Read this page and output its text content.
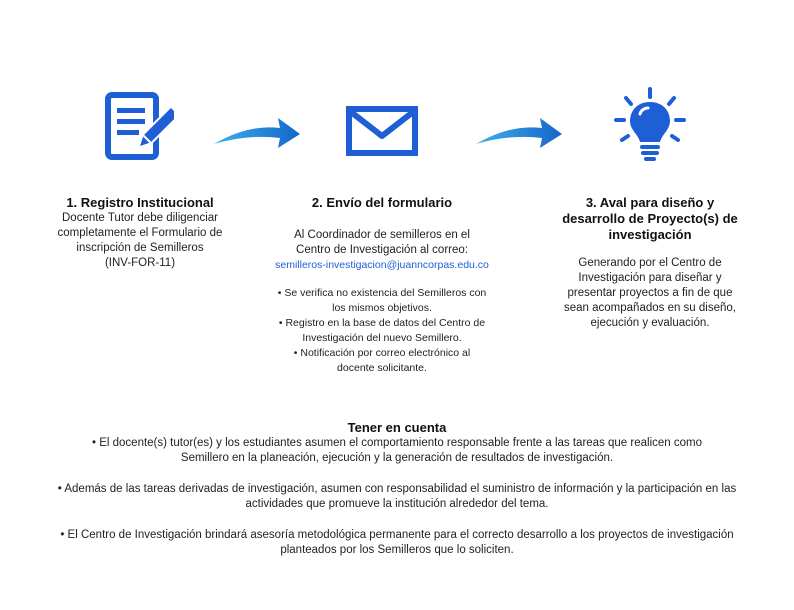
1. Registro Institucional
Docente Tutor debe diligenciar
completamente el Formulario de
inscripción de Semilleros
(INV-FOR-11)
2. Envío del formulario
Al Coordinador de semilleros en el
Centro de Investigación al correo:
semilleros-investigacion@juanncorpas.edu.co
• Se verifica no existencia del Semilleros con
los mismos objetivos.
• Registro en la base de datos del Centro de
Investigación del nuevo Semillero.
• Notificación por correo electrónico al
docente solicitante.
3. Aval para diseño y
desarrollo de Proyecto(s) de
investigación
Generando por el Centro de
Investigación para diseñar y
presentar proyectos a fin de que
sean acompañados en su diseño,
ejecución y evaluación.
Tener en cuenta
• El docente(s) tutor(es) y los estudiantes asumen el comportamiento responsable frente a las tareas que realicen como
Semillero en la planeación, ejecución y la generación de resultados de investigación.
• Además de las tareas derivadas de investigación, asumen con responsabilidad el suministro de información y la participación en las
actividades que promueve la institución alrededor del tema.
• El Centro de Investigación brindará asesoría metodológica permanente para el correcto desarrollo a los proyectos de investigación
planteados por los Semilleros que lo soliciten.
